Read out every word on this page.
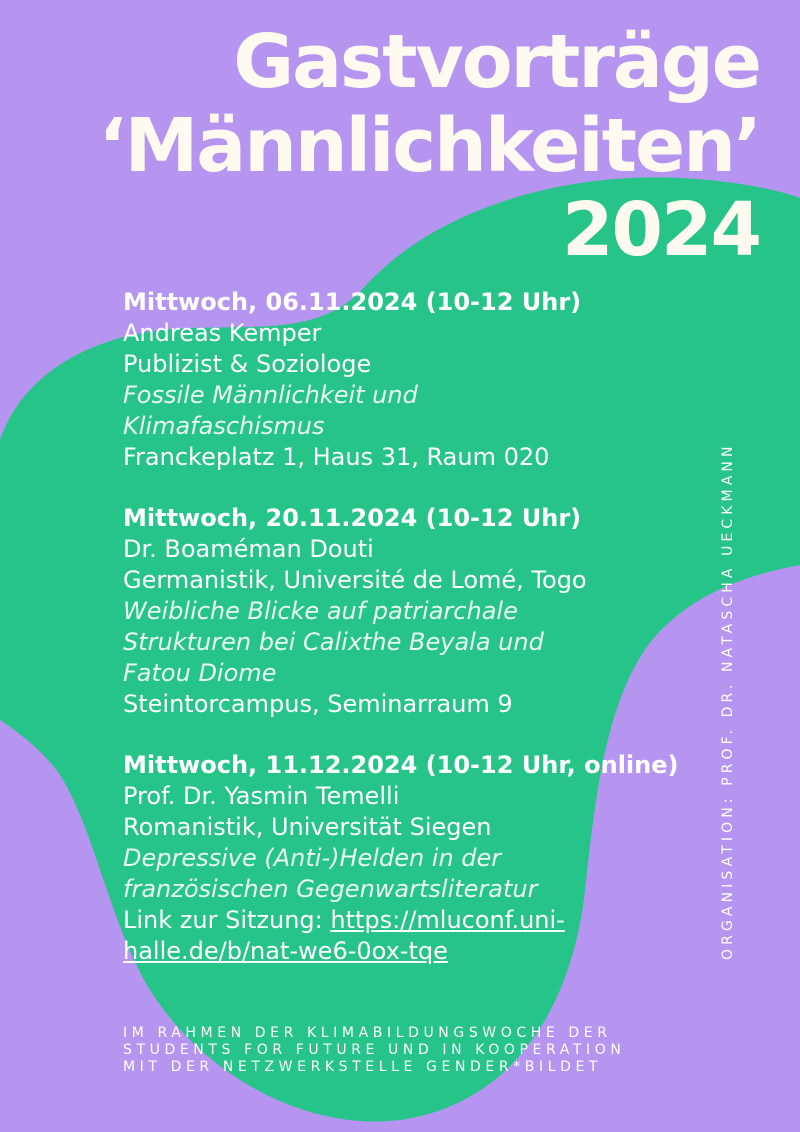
Gastvorträge
‘Männlichkeiten’
2024
Mittwoch, 06.11.2024 (10-12 Uhr)
Andreas Kemper
Publizist & Soziologe
Fossile Männlichkeit und
Klimafaschismus
Franckeplatz 1, Haus 31, Raum 020
Mittwoch, 20.11.2024 (10-12 Uhr)
Dr. Boaméman Douti
Germanistik, Université de Lomé, Togo
Weibliche Blicke auf patriarchale
Strukturen bei Calixthe Beyala und
Fatou Diome
Steintorcampus, Seminarraum 9
Mittwoch, 11.12.2024 (10-12 Uhr, online)
Prof. Dr. Yasmin Temelli
Romanistik, Universität Siegen
Depressive (Anti-)Helden in der
französischen Gegenwartsliteratur
Link zur Sitzung: https://mluconf.uni-
halle.de/b/nat-we6-0ox-tqe	ORGANISATION: PROF. DR. NATASCHA UECKMANN
IM RAHMEN DER KLIMABILDUNGSWOCHE DER
STUDENTS FOR FUTURE UND IN KOOPERATION
MIT DER NETZWERKSTELLE GENDER*BILDET
